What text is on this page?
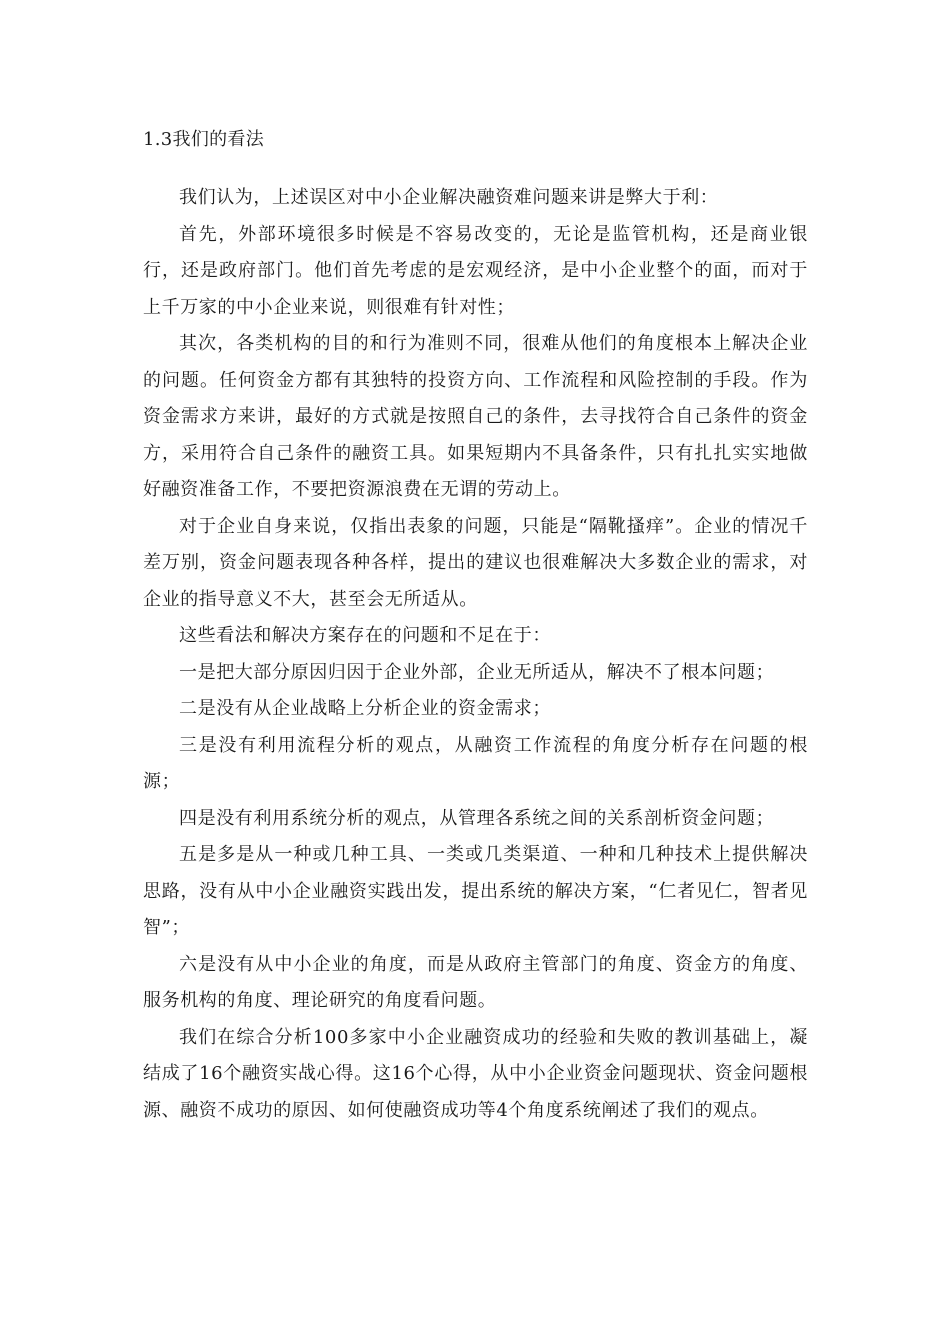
1.3我们的看法

我们认为，上述误区对中小企业解决融资难问题来讲是弊大于利：

首先，外部环境很多时候是不容易改变的，无论是监管机构，还是商业银行，还是政府部门。他们首先考虑的是宏观经济，是中小企业整个的面，而对于上千万家的中小企业来说，则很难有针对性；

其次，各类机构的目的和行为准则不同，很难从他们的角度根本上解决企业的问题。任何资金方都有其独特的投资方向、工作流程和风险控制的手段。作为资金需求方来讲，最好的方式就是按照自己的条件，去寻找符合自己条件的资金方，采用符合自己条件的融资工具。如果短期内不具备条件，只有扎扎实实地做好融资准备工作，不要把资源浪费在无谓的劳动上。

对于企业自身来说，仅指出表象的问题，只能是“隔靴搔痒”。企业的情况千差万别，资金问题表现各种各样，提出的建议也很难解决大多数企业的需求，对企业的指导意义不大，甚至会无所适从。

这些看法和解决方案存在的问题和不足在于：

一是把大部分原因归因于企业外部，企业无所适从，解决不了根本问题；

二是没有从企业战略上分析企业的资金需求；

三是没有利用流程分析的观点，从融资工作流程的角度分析存在问题的根源；

四是没有利用系统分析的观点，从管理各系统之间的关系剖析资金问题；

五是多是从一种或几种工具、一类或几类渠道、一种和几种技术上提供解决思路，没有从中小企业融资实践出发，提出系统的解决方案，“仁者见仁，智者见智”；

六是没有从中小企业的角度，而是从政府主管部门的角度、资金方的角度、服务机构的角度、理论研究的角度看问题。

我们在综合分析100多家中小企业融资成功的经验和失败的教训基础上，凝结成了16个融资实战心得。这16个心得，从中小企业资金问题现状、资金问题根源、融资不成功的原因、如何使融资成功等4个角度系统阐述了我们的观点。
